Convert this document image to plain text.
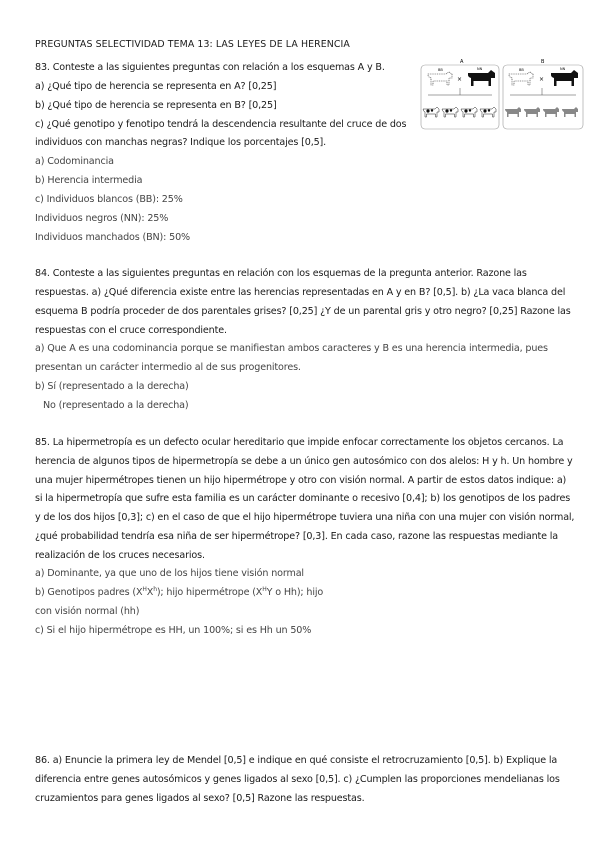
PREGUNTAS SELECTIVIDAD TEMA 13: LAS LEYES DE LA HERENCIA
83. Conteste a las siguientes preguntas con relación a los esquemas A y B.
a) ¿Qué tipo de herencia se representa en A? [0,25]
b) ¿Qué tipo de herencia se representa en B? [0,25]
c) ¿Qué genotipo y fenotipo tendrá la descendencia resultante del cruce de dos
individuos con manchas negras? Indique los porcentajes [0,5].
a) Codominancia
b) Herencia intermedia
c) Individuos blancos (BB): 25%
Individuos negros (NN): 25%
Individuos manchados (BN): 50%
A	B
BB
×
NN	BB
×
NN
84. Conteste a las siguientes preguntas en relación con los esquemas de la pregunta anterior. Razone las
respuestas. a) ¿Qué diferencia existe entre las herencias representadas en A y en B? [0,5]. b) ¿La vaca blanca del
esquema B podría proceder de dos parentales grises? [0,25] ¿Y de un parental gris y otro negro? [0,25] Razone las
respuestas con el cruce correspondiente.
a) Que A es una codominancia porque se manifiestan ambos caracteres y B es una herencia intermedia, pues
presentan un carácter intermedio al de sus progenitores.
b) Sí (representado a la derecha)
No (representado a la derecha)
85. La hipermetropía es un defecto ocular hereditario que impide enfocar correctamente los objetos cercanos. La
herencia de algunos tipos de hipermetropía se debe a un único gen autosómico con dos alelos: H y h. Un hombre y
una mujer hipermétropes tienen un hijo hipermétrope y otro con visión normal. A partir de estos datos indique: a)
si la hipermetropía que sufre esta familia es un carácter dominante o recesivo [0,4]; b) los genotipos de los padres
y de los dos hijos [0,3]; c) en el caso de que el hijo hipermétrope tuviera una niña con una mujer con visión normal,
¿qué probabilidad tendría esa niña de ser hipermétrope? [0,3]. En cada caso, razone las respuestas mediante la
realización de los cruces necesarios.
a) Dominante, ya que uno de los hijos tiene visión normal
b) Genotipos padres $(X^HX^h)$; hijo hipermétrope ($X^HY$ o Hh); hijo
con visión normal (hh)
c) Si el hijo hipermétrope es HH, un 100%; si es Hh un 50%
86. a) Enuncie la primera ley de Mendel [0,5] e indique en qué consiste el retrocruzamiento [0,5]. b) Explique la
diferencia entre genes autosómicos y genes ligados al sexo [0,5]. c) ¿Cumplen las proporciones mendelianas los
cruzamientos para genes ligados al sexo? [0,5] Razone las respuestas.
